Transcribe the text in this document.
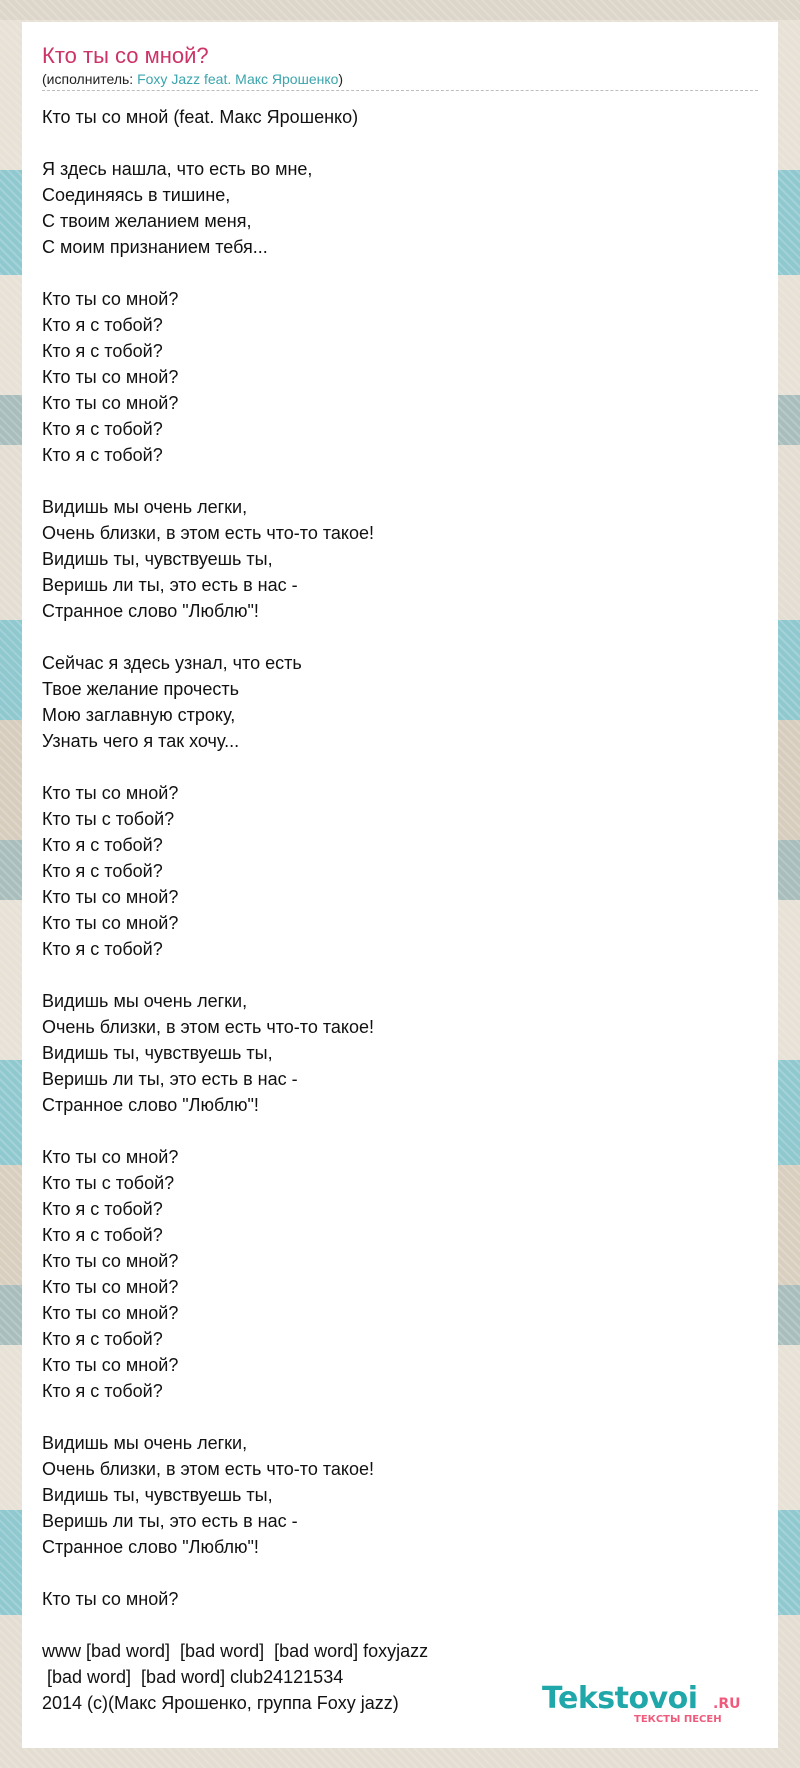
Кто ты со мной?
(исполнитель: Foxy Jazz feat. Макс Ярошенко)
Кто ты со мной (feat. Макс Ярошенко)
Я здесь нашла, что есть во мне,
Соединяясь в тишине,
С твоим желанием меня,
С моим признанием тебя...
Кто ты со мной?
Кто я с тобой?
Кто я с тобой?
Кто ты со мной?
Кто ты со мной?
Кто я с тобой?
Кто я с тобой?
Видишь мы очень легки,
Очень близки, в этом есть что-то такое!
Видишь ты, чувствуешь ты,
Веришь ли ты, это есть в нас -
Странное слово "Люблю"!
Сейчас я здесь узнал, что есть
Твое желание прочесть
Мою заглавную строку,
Узнать чего я так хочу...
Кто ты со мной?
Кто ты с тобой?
Кто я с тобой?
Кто я с тобой?
Кто ты со мной?
Кто ты со мной?
Кто я с тобой?
Видишь мы очень легки,
Очень близки, в этом есть что-то такое!
Видишь ты, чувствуешь ты,
Веришь ли ты, это есть в нас -
Странное слово "Люблю"!
Кто ты со мной?
Кто ты с тобой?
Кто я с тобой?
Кто я с тобой?
Кто ты со мной?
Кто ты со мной?
Кто ты со мной?
Кто я с тобой?
Кто ты со мной?
Кто я с тобой?
Видишь мы очень легки,
Очень близки, в этом есть что-то такое!
Видишь ты, чувствуешь ты,
Веришь ли ты, это есть в нас -
Странное слово "Люблю"!
Кто ты со мной?
www [bad word]  [bad word]  [bad word] foxyjazz
[bad word]  [bad word] club24121534
2014 (c)(Макс Ярошенко, группа Foxy jazz)	Tekstovoi .RU
ТЕКСТЫ ПЕСЕН
